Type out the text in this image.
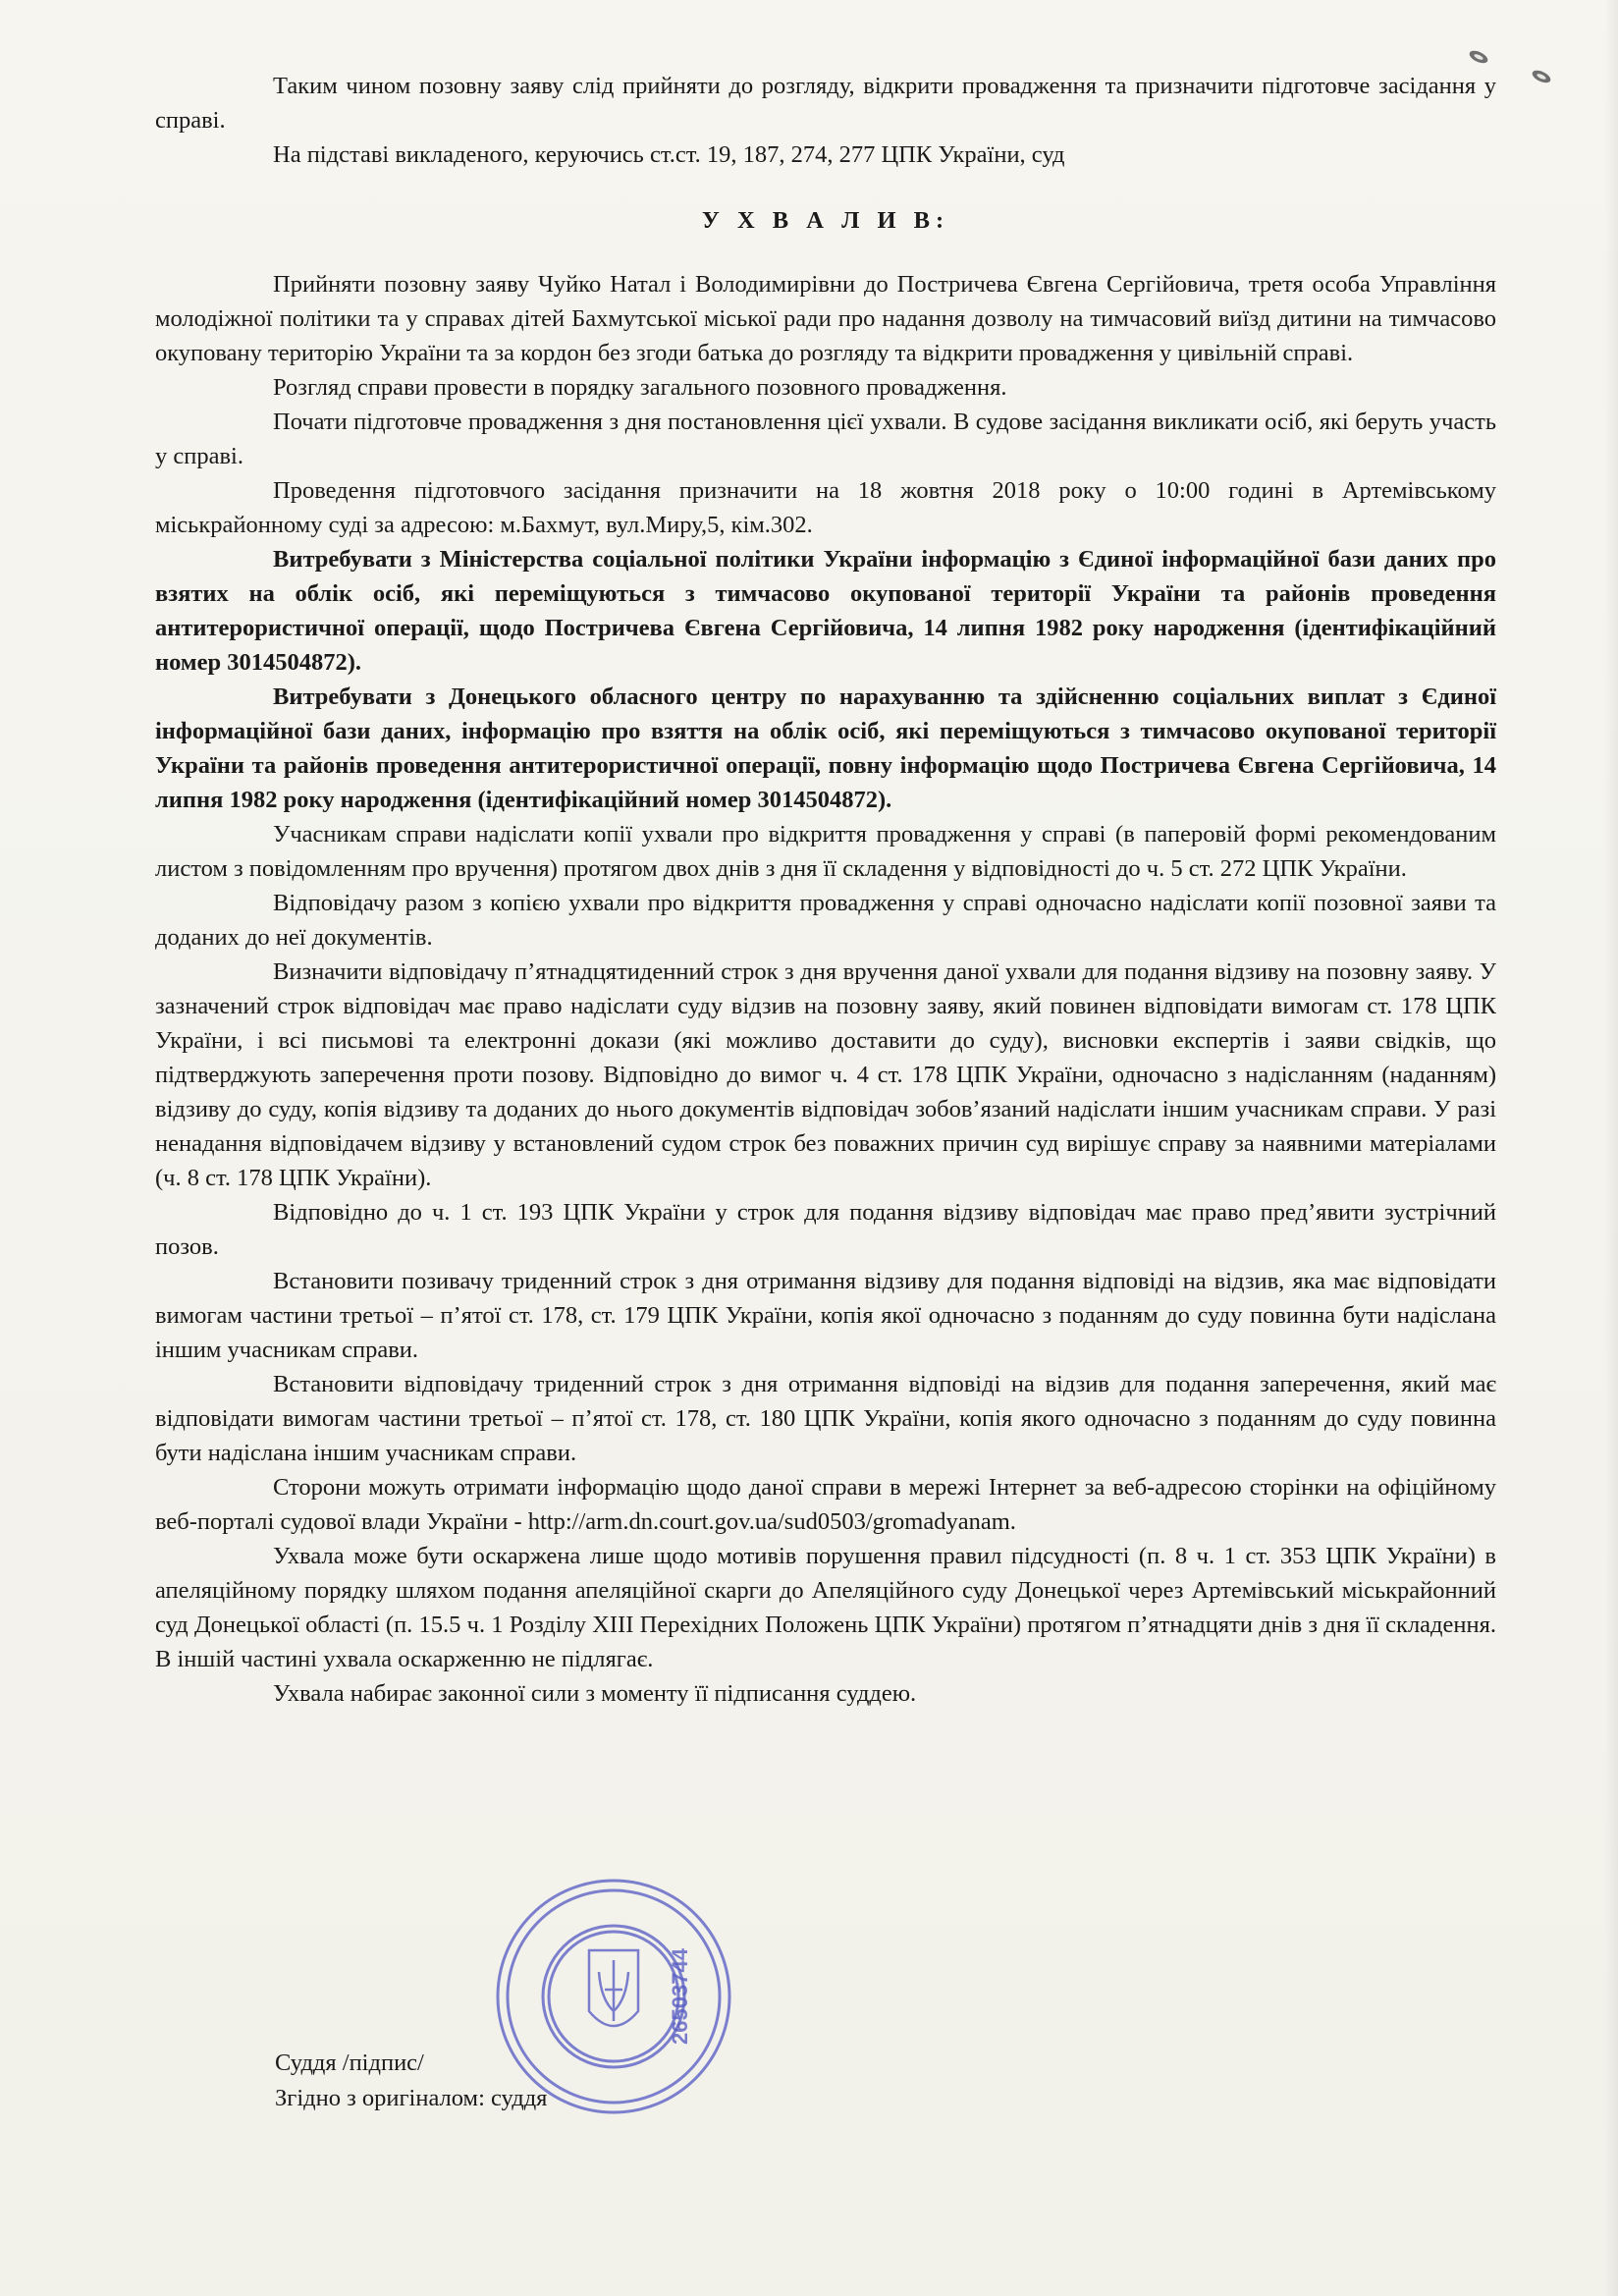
Таким чином позовну заяву слід прийняти до розгляду, відкрити провадження та призначити підготовче засідання у справі.

На підставі викладеного, керуючись ст.ст. 19, 187, 274, 277 ЦПК України, суд

У Х В А Л И В:

Прийняти позовну заяву Чуйко Натал і Володимирівни до Постричева Євгена Сергійовича, третя особа Управління молодіжної політики та у справах дітей Бахмутської міської ради про надання дозволу на тимчасовий виїзд дитини на тимчасово окуповану територію України та за кордон без згоди батька до розгляду та відкрити провадження у цивільній справі.

Розгляд справи провести в порядку загального позовного провадження.

Почати підготовче провадження з дня постановлення цієї ухвали. В судове засідання викликати осіб, які беруть участь у справі.

Проведення підготовчого засідання призначити на 18 жовтня 2018 року о 10:00 годині в Артемівському міськрайонному суді за адресою: м.Бахмут, вул.Миру,5, кім.302.

Витребувати з Міністерства соціальної політики України інформацію з Єдиної інформаційної бази даних про взятих на облік осіб, які переміщуються з тимчасово окупованої території України та районів проведення антитерористичної операції, щодо Постричева Євгена Сергійовича, 14 липня 1982 року народження (ідентифікаційний номер 3014504872).

Витребувати з Донецького обласного центру по нарахуванню та здійсненню соціальних виплат з Єдиної інформаційної бази даних, інформацію про взяття на облік осіб, які переміщуються з тимчасово окупованої території України та районів проведення антитерористичної операції, повну інформацію щодо Постричева Євгена Сергійовича, 14 липня 1982 року народження (ідентифікаційний номер 3014504872).

Учасникам справи надіслати копії ухвали про відкриття провадження у справі (в паперовій формі рекомендованим листом з повідомленням про вручення) протягом двох днів з дня її складення у відповідності до ч. 5 ст. 272 ЦПК України.

Відповідачу разом з копією ухвали про відкриття провадження у справі одночасно надіслати копії позовної заяви та доданих до неї документів.

Визначити відповідачу п’ятнадцятиденний строк з дня вручення даної ухвали для подання відзиву на позовну заяву. У зазначений строк відповідач має право надіслати суду відзив на позовну заяву, який повинен відповідати вимогам ст. 178 ЦПК України, і всі письмові та електронні докази (які можливо доставити до суду), висновки експертів і заяви свідків, що підтверджують заперечення проти позову. Відповідно до вимог ч. 4 ст. 178 ЦПК України, одночасно з надісланням (наданням) відзиву до суду, копія відзиву та доданих до нього документів відповідач зобов’язаний надіслати іншим учасникам справи. У разі ненадання відповідачем відзиву у встановлений судом строк без поважних причин суд вирішує справу за наявними матеріалами (ч. 8 ст. 178 ЦПК України).

Відповідно до ч. 1 ст. 193 ЦПК України у строк для подання відзиву відповідач має право пред’явити зустрічний позов.

Встановити позивачу триденний строк з дня отримання відзиву для подання відповіді на відзив, яка має відповідати вимогам частини третьої – п’ятої ст. 178, ст. 179 ЦПК України, копія якої одночасно з поданням до суду повинна бути надіслана іншим учасникам справи.

Встановити відповідачу триденний строк з дня отримання відповіді на відзив для подання заперечення, який має відповідати вимогам частини третьої – п’ятої ст. 178, ст. 180 ЦПК України, копія якого одночасно з поданням до суду повинна бути надіслана іншим учасникам справи.

Сторони можуть отримати інформацію щодо даної справи в мережі Інтернет за веб-адресою сторінки на офіційному веб-порталі судової влади України - http://arm.dn.court.gov.ua/sud0503/gromadyanam.

Ухвала може бути оскаржена лише щодо мотивів порушення правил підсудності (п. 8 ч. 1 ст. 353 ЦПК України) в апеляційному порядку шляхом подання апеляційної скарги до Апеляційного суду Донецької через Артемівський міськрайонний суд Донецької області (п. 15.5 ч. 1 Розділу XIII Перехідних Положень ЦПК України) протягом п’ятнадцяти днів з дня її складення. В іншій частині ухвала оскарженню не підлягає.

Ухвала набирає законної сили з моменту її підписання суддею.

26503744
Суддя /підпис/
Згідно з оригіналом: суддя
